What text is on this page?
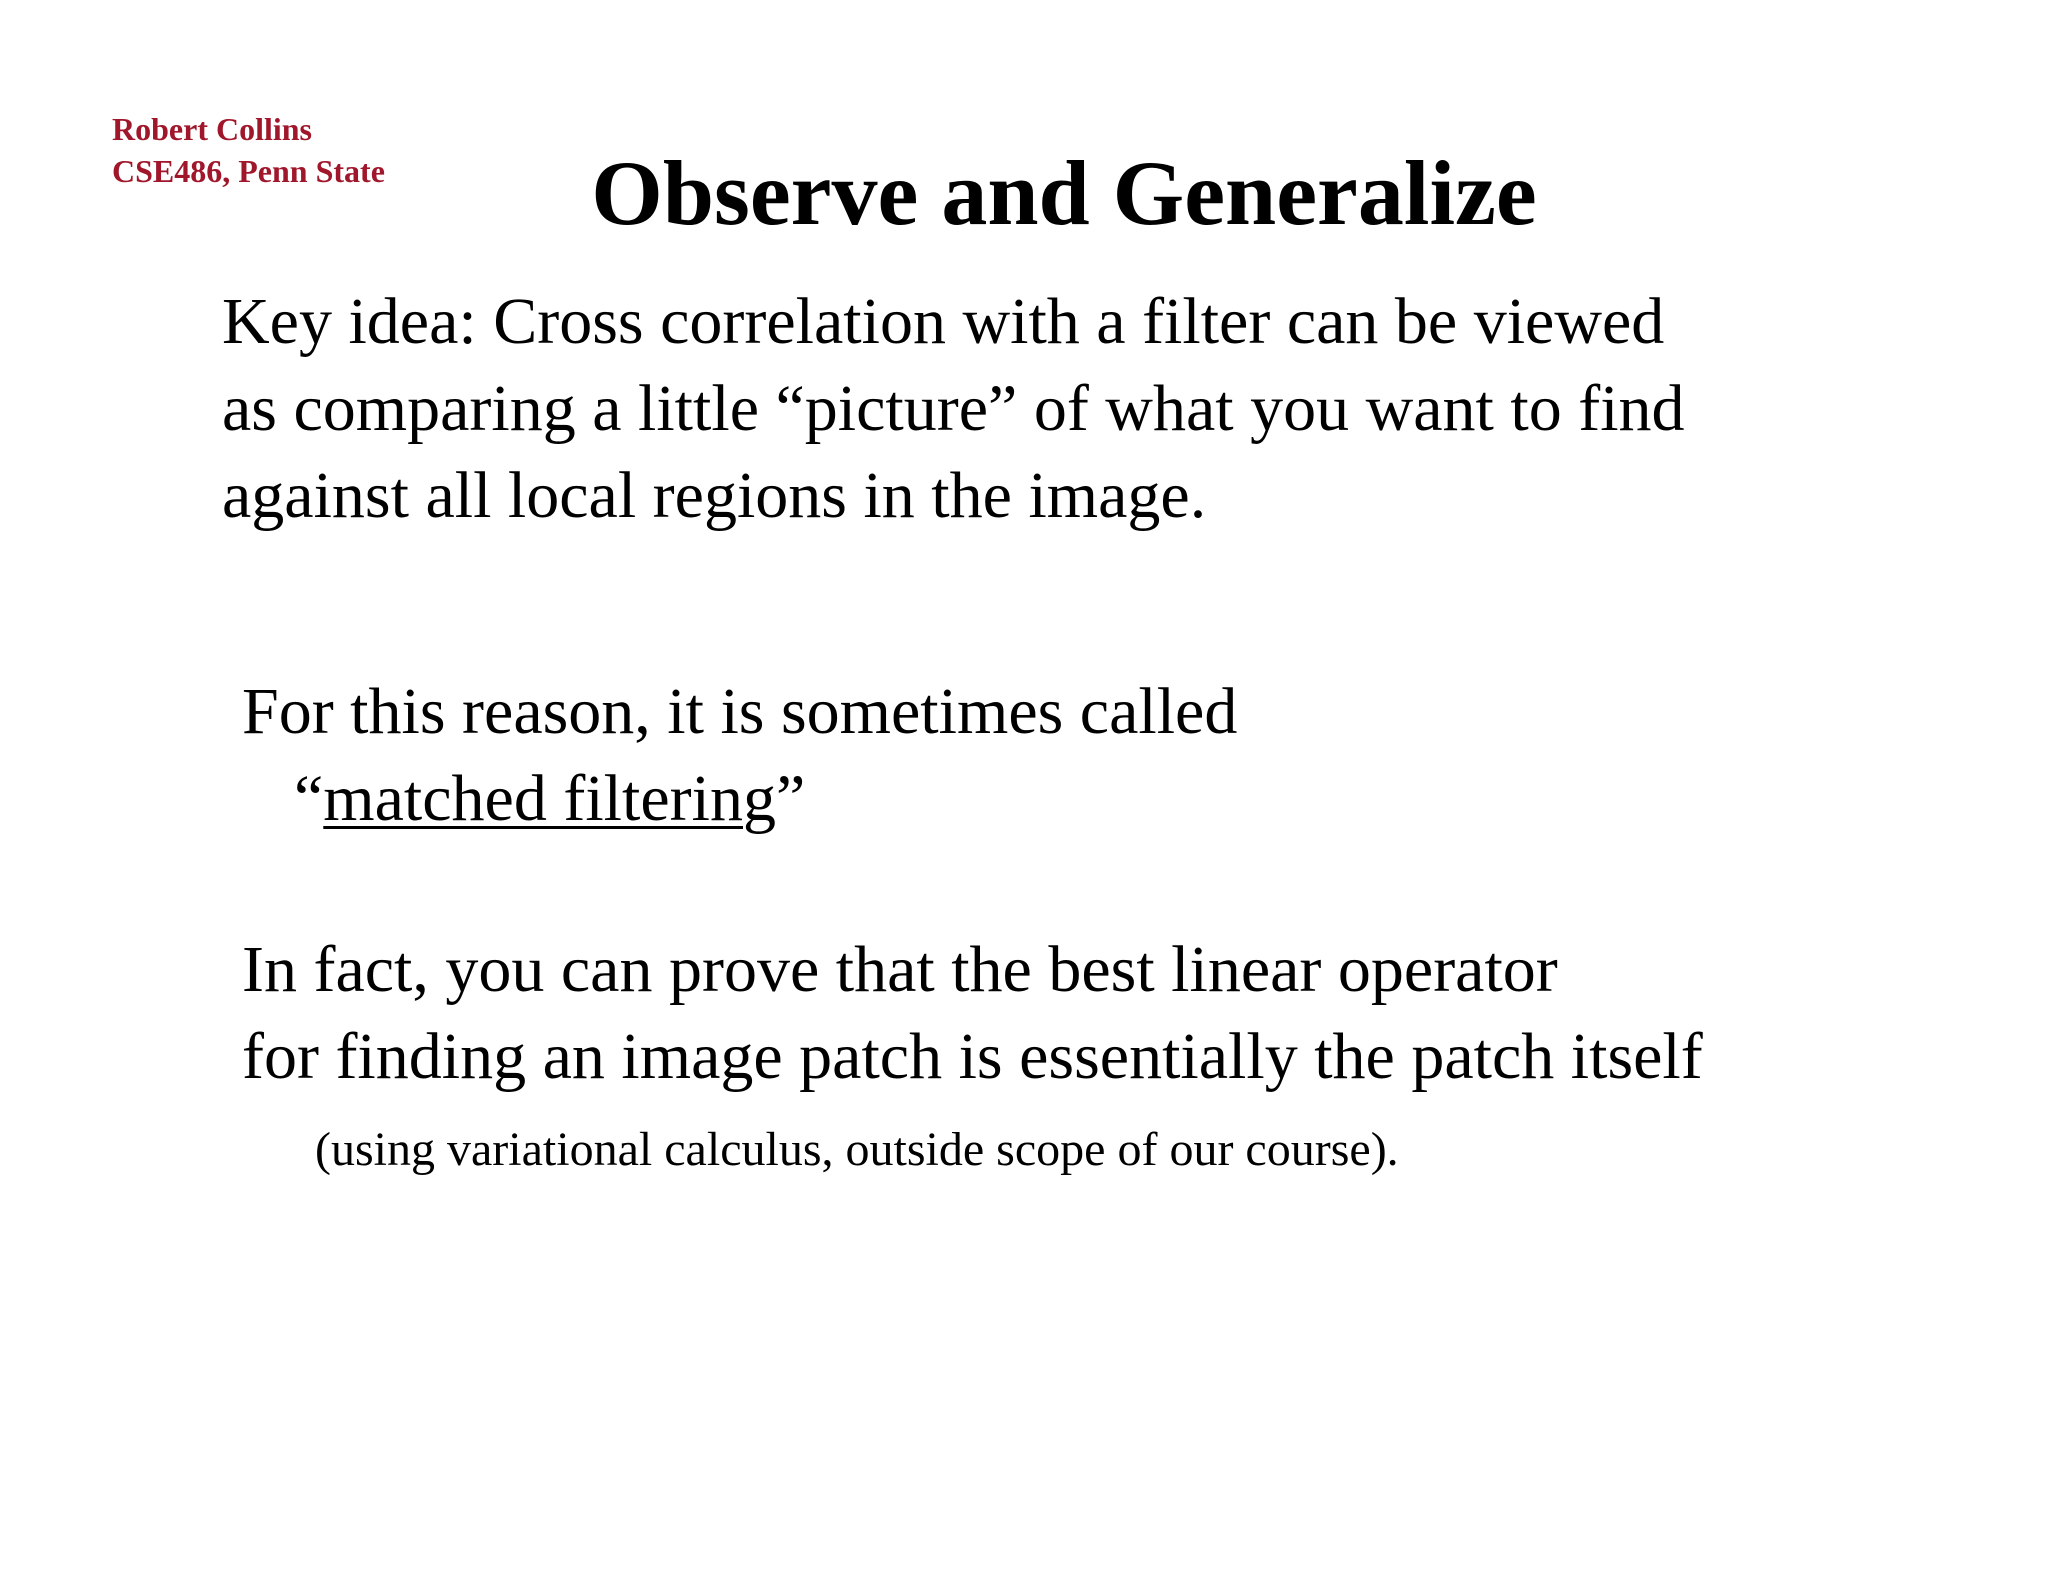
Robert Collins
CSE486, Penn State	Observe and Generalize
Key idea: Cross correlation with a filter can be viewed
as comparing a little “picture” of what you want to find
against all local regions in the image.
For this reason, it is sometimes called
“matched filtering”
In fact, you can prove that the best linear operator
for finding an image patch is essentially the patch itself
(using variational calculus, outside scope of our course).
